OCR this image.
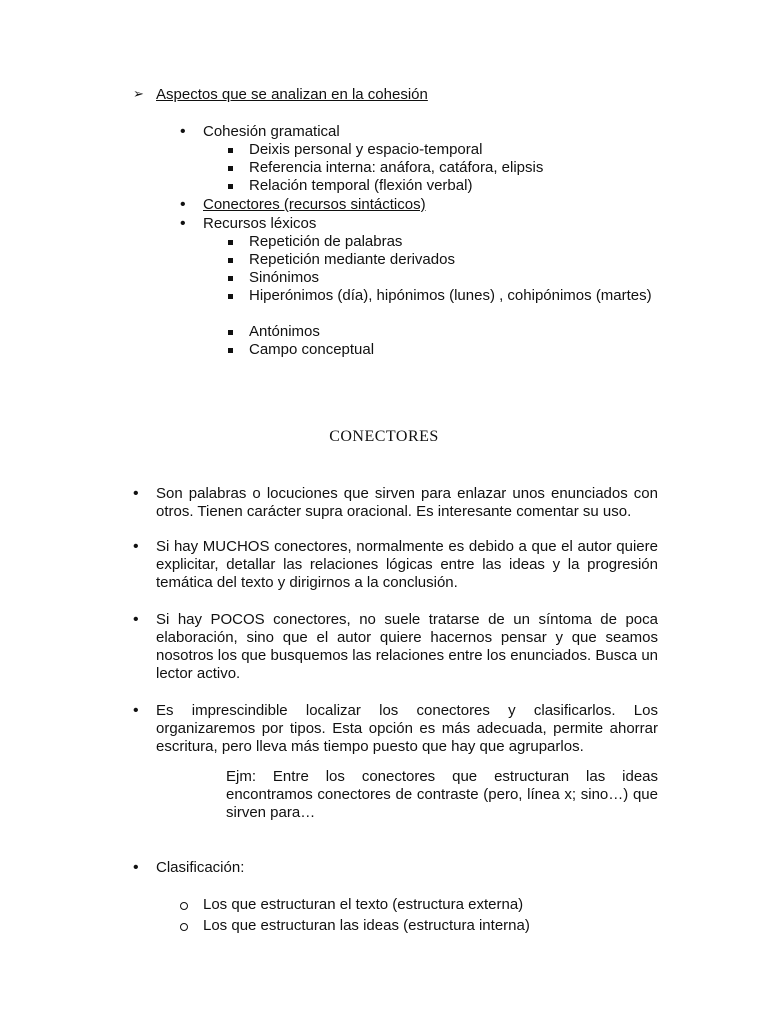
➢ Aspectos que se analizan en la cohesión
• Cohesión gramatical
Deixis personal y espacio-temporal
Referencia interna: anáfora, catáfora, elipsis
Relación temporal (flexión verbal)
• Conectores (recursos sintácticos)
• Recursos léxicos
Repetición de palabras
Repetición mediante derivados
Sinónimos
Hiperónimos (día), hipónimos (lunes) , cohipónimos (martes)
Antónimos
Campo conceptual
CONECTORES
• Son palabras o locuciones que sirven para enlazar unos enunciados con otros. Tienen carácter supra oracional. Es interesante comentar su uso.
• Si hay MUCHOS conectores, normalmente es debido a que el autor quiere explicitar, detallar las relaciones lógicas entre las ideas y la progresión temática del texto y dirigirnos a la conclusión.
• Si hay POCOS conectores, no suele tratarse de un síntoma de poca elaboración, sino que el autor quiere hacernos pensar y que seamos nosotros los que busquemos las relaciones entre los enunciados. Busca un lector activo.
• Es imprescindible localizar los conectores y clasificarlos. Los organizaremos por tipos. Esta opción es más adecuada, permite ahorrar escritura, pero lleva más tiempo puesto que hay que agruparlos.
Ejm: Entre los conectores que estructuran las ideas encontramos conectores de contraste (pero, línea x; sino…) que sirven para…
• Clasificación:
Los que estructuran el texto (estructura externa)
Los que estructuran las ideas (estructura interna)
